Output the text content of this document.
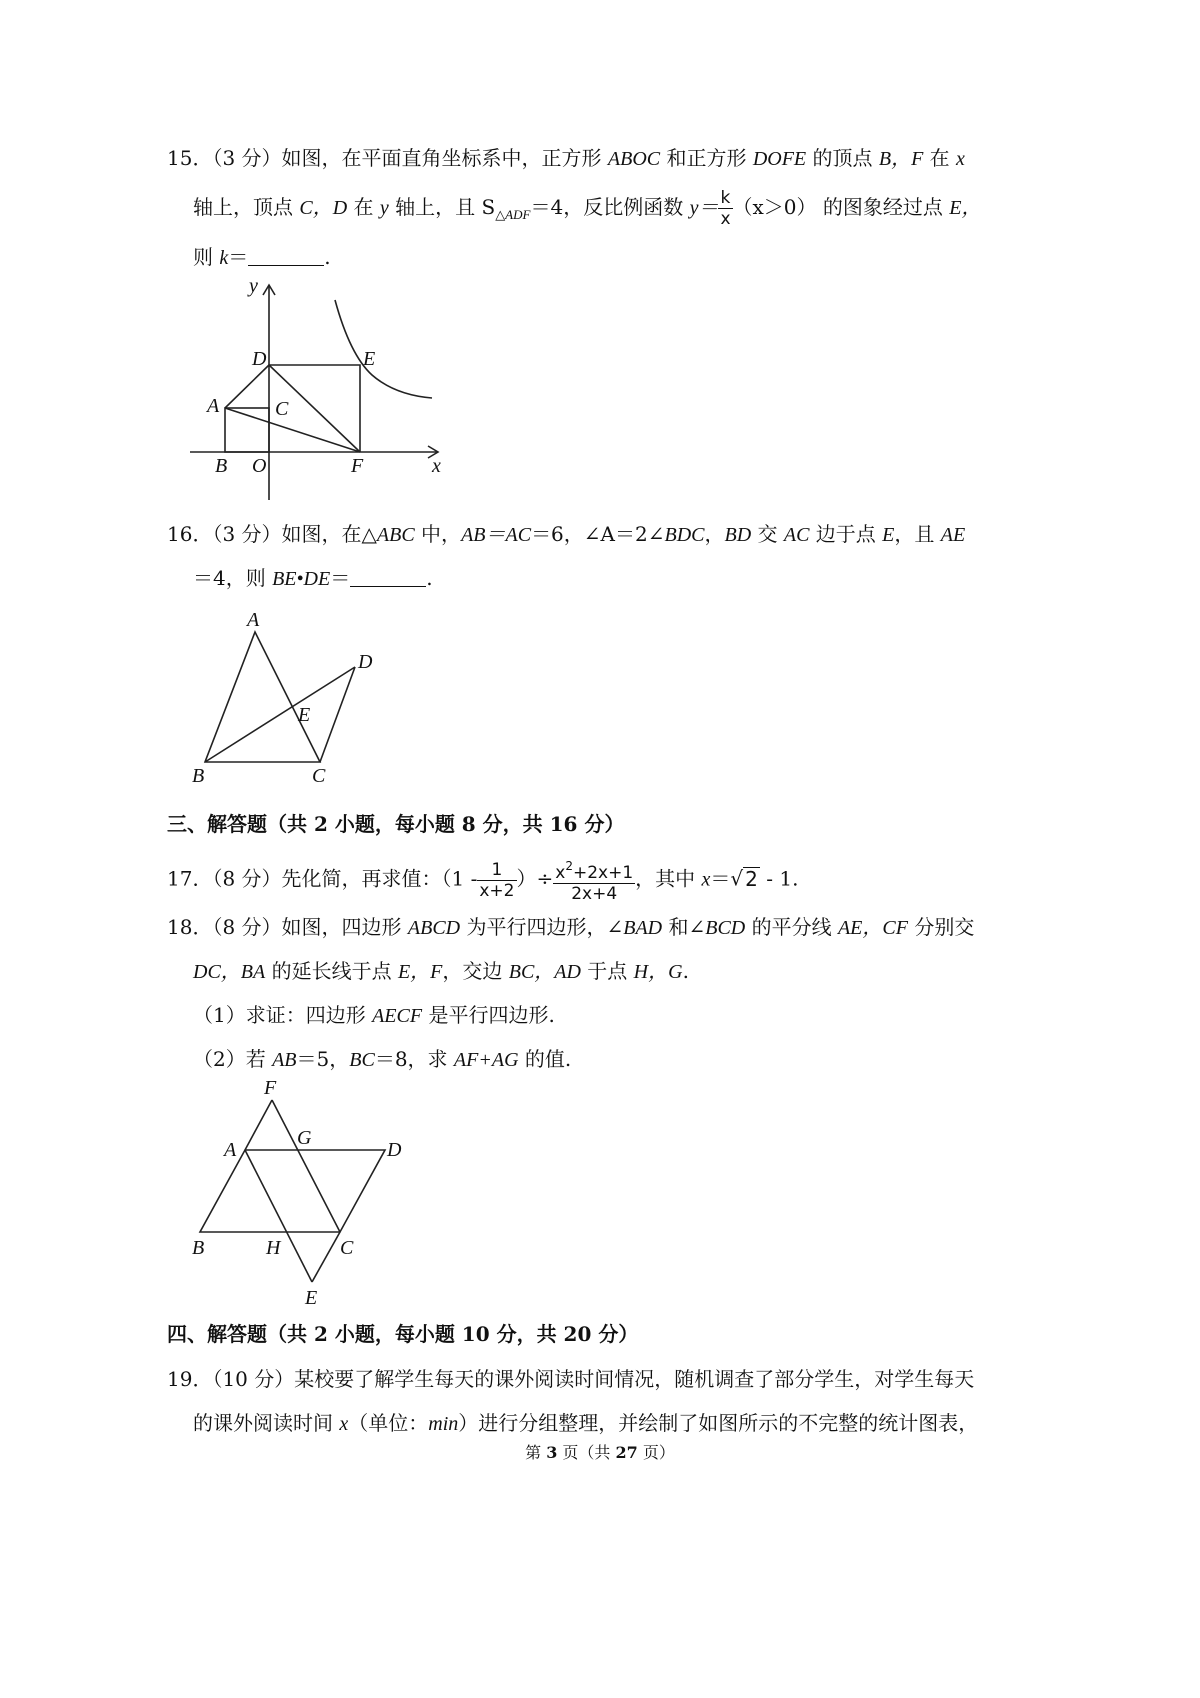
15．（3 分）如图，在平面直角坐标系中，正方形 ABOC 和正方形 DOFE 的顶点 B，F 在 x
轴上，顶点 C，D 在 y 轴上，且 $S_{\triangle ADF}=4$，反比例函数 $y= \frac{k}{x} (x>0)$ 的图象经过点 E，
则 k＝	.
y
D	E
A	C
B O	F	x
16．（3 分）如图，在△ABC 中，AB＝AC＝6，∠A＝2∠BDC，BD 交 AC 边于点 E，且 AE
＝4，则 BE•DE＝	.
A
D
E
B	C
三、解答题（共 2 小题，每小题 8 分，共 16 分）
17．（8 分）先化简，再求值：（$1 - \frac{1}{x+2}$ ）÷ $\frac{x^2+2x+1}{2x+4}$ ，其中 x＝√ 2 - 1.
18．（8 分）如图，四边形 ABCD 为平行四边形，∠BAD 和∠BCD 的平分线 AE，CF 分别交
DC，BA 的延长线于点 E，F，交边 BC，AD 于点 H，G.
（1）求证：四边形 AECF 是平行四边形.
（2）若 AB＝5，BC＝8，求 AF+AG 的值.
F
A
G
D
B	H	C
E
四、解答题（共 2 小题，每小题 10 分，共 20 分）
19．（10 分）某校要了解学生每天的课外阅读时间情况，随机调查了部分学生，对学生每天
的课外阅读时间 x（单位：min）进行分组整理，并绘制了如图所示的不完整的统计图表，
第 3 页（共 27 页）
